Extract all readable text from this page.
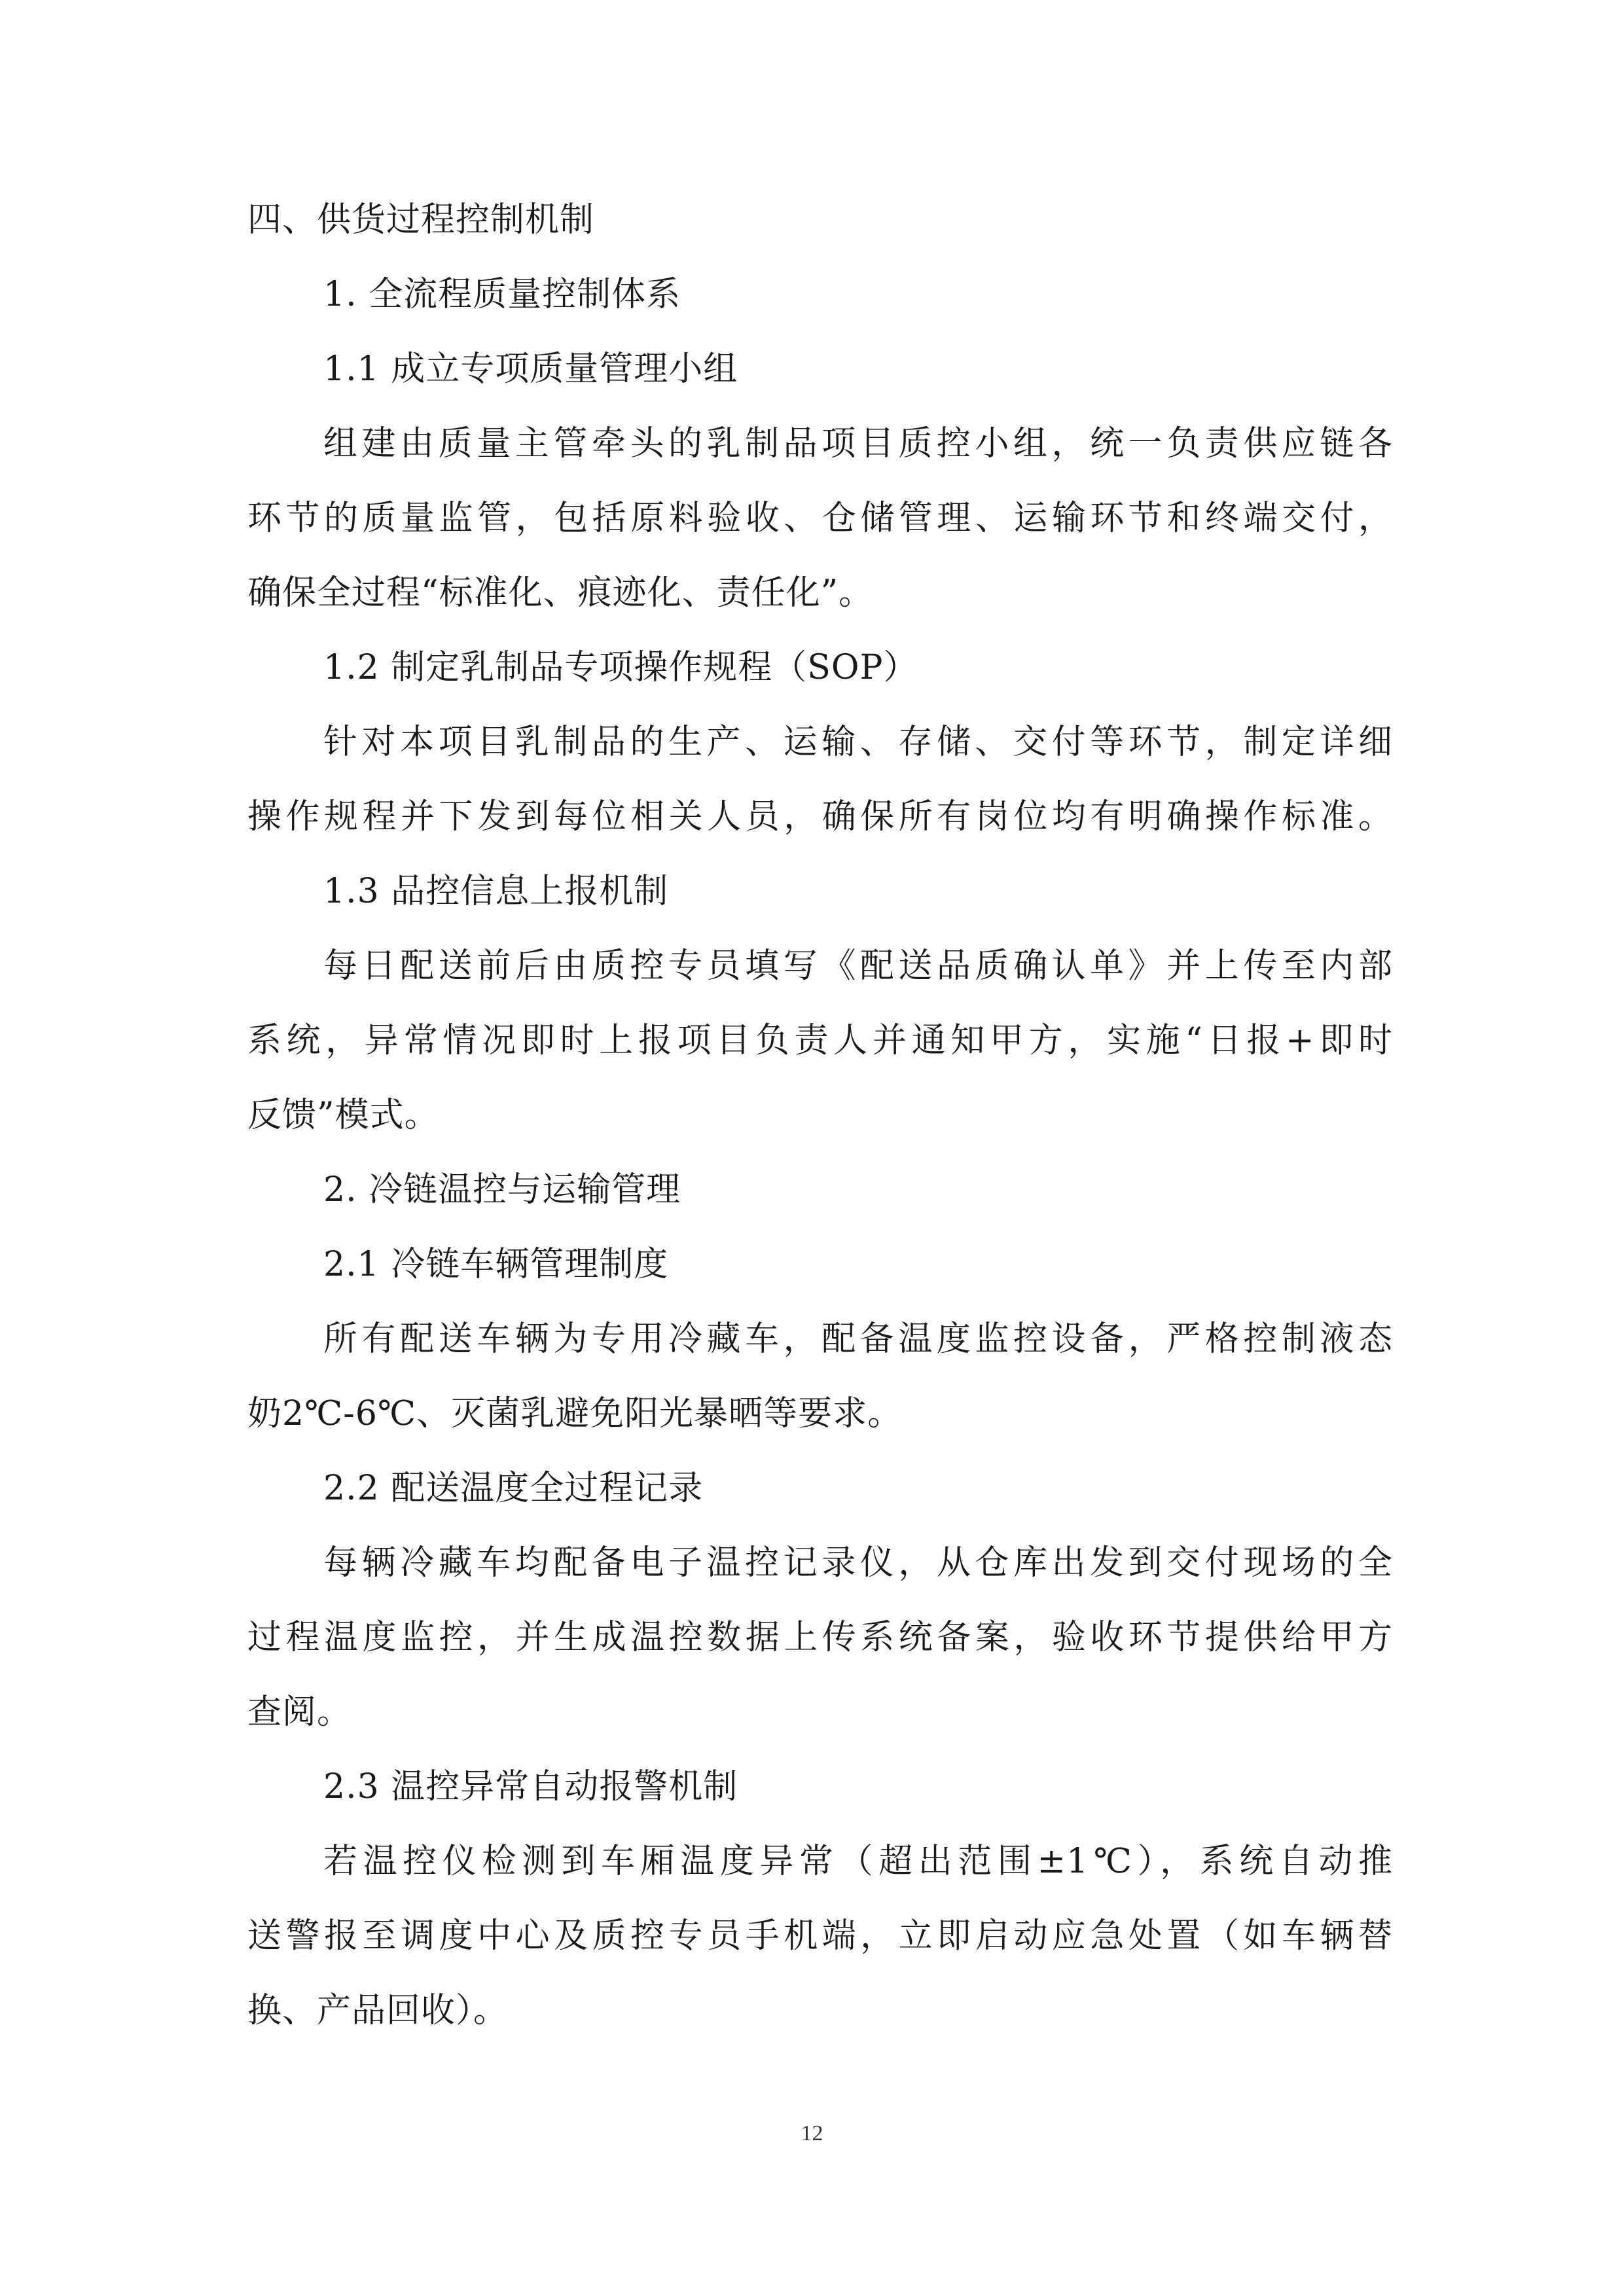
四、供货过程控制机制
1. 全流程质量控制体系
1.1 成立专项质量管理小组
组建由质量主管牵头的乳制品项目质控小组，统一负责供应链各
环节的质量监管，包括原料验收、仓储管理、运输环节和终端交付，
确保全过程“标准化、痕迹化、责任化”。
1.2 制定乳制品专项操作规程（SOP）
针对本项目乳制品的生产、运输、存储、交付等环节，制定详细
操作规程并下发到每位相关人员，确保所有岗位均有明确操作标准。
1.3 品控信息上报机制
每日配送前后由质控专员填写《配送品质确认单》并上传至内部
系统，异常情况即时上报项目负责人并通知甲方，实施“日报+即时
反馈”模式。
2. 冷链温控与运输管理
2.1 冷链车辆管理制度
所有配送车辆为专用冷藏车，配备温度监控设备，严格控制液态
奶2℃-6℃、灭菌乳避免阳光暴晒等要求。
2.2 配送温度全过程记录
每辆冷藏车均配备电子温控记录仪，从仓库出发到交付现场的全
过程温度监控，并生成温控数据上传系统备案，验收环节提供给甲方
查阅。
2.3 温控异常自动报警机制
若温控仪检测到车厢温度异常（超出范围±1℃），系统自动推
送警报至调度中心及质控专员手机端，立即启动应急处置（如车辆替
换、产品回收）。
12
